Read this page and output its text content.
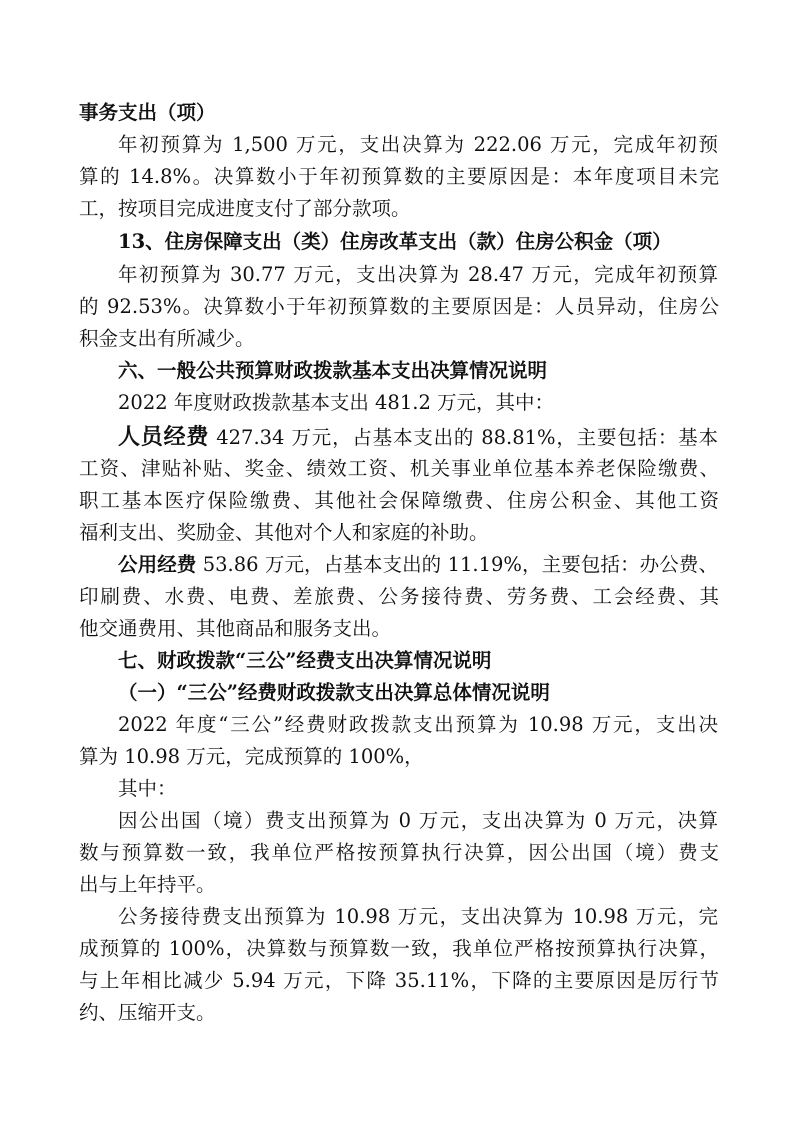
事务支出（项）
年初预算为 1,500 万元，支出决算为 222.06 万元，完成年初预
算的 14.8%。决算数小于年初预算数的主要原因是：本年度项目未完
工，按项目完成进度支付了部分款项。
13、住房保障支出（类）住房改革支出（款）住房公积金（项）
年初预算为 30.77 万元，支出决算为 28.47 万元，完成年初预算
的 92.53%。决算数小于年初预算数的主要原因是：人员异动，住房公
积金支出有所减少。
六、一般公共预算财政拨款基本支出决算情况说明
2022 年度财政拨款基本支出 481.2 万元，其中：
人员经费 427.34 万元，占基本支出的 88.81%，主要包括：基本
工资、津贴补贴、奖金、绩效工资、机关事业单位基本养老保险缴费、
职工基本医疗保险缴费、其他社会保障缴费、住房公积金、其他工资
福利支出、奖励金、其他对个人和家庭的补助。
公用经费 53.86 万元，占基本支出的 11.19%，主要包括：办公费、
印刷费、水费、电费、差旅费、公务接待费、劳务费、工会经费、其
他交通费用、其他商品和服务支出。
七、财政拨款“三公”经费支出决算情况说明
（一）“三公”经费财政拨款支出决算总体情况说明
2022 年度“三公”经费财政拨款支出预算为 10.98 万元，支出决
算为 10.98 万元，完成预算的 100%，
其中：
因公出国（境）费支出预算为 0 万元，支出决算为 0 万元，决算
数与预算数一致，我单位严格按预算执行决算，因公出国（境）费支
出与上年持平。
公务接待费支出预算为 10.98 万元，支出决算为 10.98 万元，完
成预算的 100%，决算数与预算数一致，我单位严格按预算执行决算，
与上年相比减少 5.94 万元，下降 35.11%，下降的主要原因是厉行节
约、压缩开支。
